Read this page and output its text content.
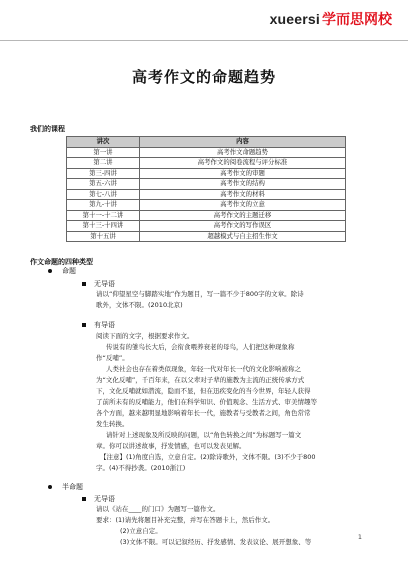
xueersi 学而思网校
高考作文的命题趋势
我们的课程
讲次	内容
第一讲	高考作文命题趋势
第二讲	高考作文的阅卷流程与评分标准
第三-四讲	高考作文的审题
第五-六讲	高考作文的结构
第七-八讲	高考作文的材料
第九-十讲	高考作文的立意
第十一-十二讲	高考作文的主题迁移
第十三-十四讲	高考作文的写作误区
第十五讲	超越模式与自主招生作文
作文命题的四种类型
命题
无导语
请以“仰望星空与脚踏实地”作为题目，写一篇不少于800字的文章。除诗
歌外，文体不限。(2010北京)
有导语
阅读下面的文字，根据要求作文。
传说有的雏鸟长大后，会衔食喂养衰老的母鸟，人们把这种现象称
作“反哺”。
人类社会也存在着类似现象，年轻一代对年长一代的文化影响被称之
为“文化反哺”，千百年来，在以父辈对子辈的施教为主流的正统传承方式
下，文化反哺就如潜流，隐而不显，但在迅疾变化的当今世界，年轻人获得
了前所未有的反哺能力，他们在科学知识、价值观念、生活方式、审美情趣等
各个方面，越来越明显地影响着年长一代，施教者与受教者之间，角色常常
发生转换。
请针对上述现象及所反映的问题，以“角色转换之间”为标题写一篇文
章。你可以讲述故事，抒发情感，也可以发表见解。
【注意】(1)角度自选，立意自定。(2)除诗歌外，文体不限。(3)不少于800
字。(4)不得抄袭。(2010浙江)
半命题
无导语
请以《站在____的门口》为题写一篇作文。
要求：(1)请先将题目补充完整，并写在答题卡上，然后作文。
(2)立意自定。
(3)文体不限。可以记叙经历、抒发感情、发表议论、展开想象、等
1
